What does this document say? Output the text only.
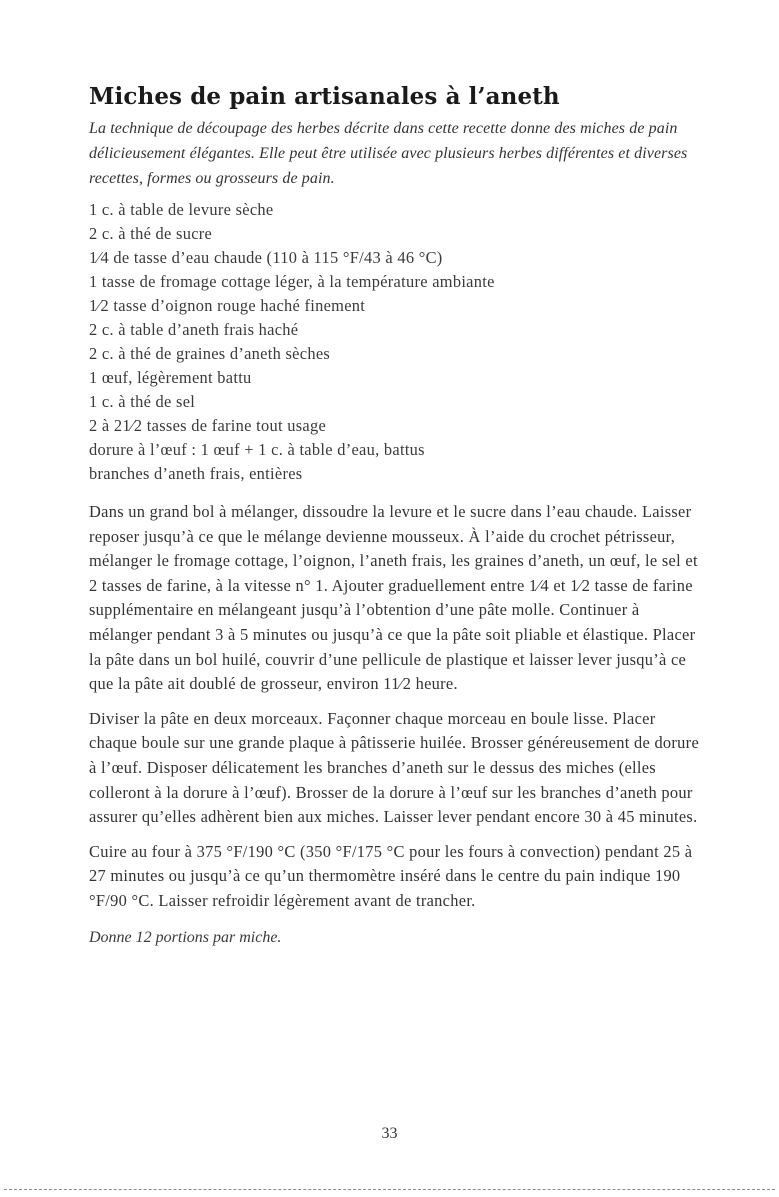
Miches de pain artisanales à l’aneth

La technique de découpage des herbes décrite dans cette recette donne des miches de pain délicieusement élégantes. Elle peut être utilisée avec plusieurs herbes différentes et diverses recettes, formes ou grosseurs de pain.

1 c. à table de levure sèche
2 c. à thé de sucre
1⁄4 de tasse d’eau chaude (110 à 115 °F/43 à 46 °C)
1 tasse de fromage cottage léger, à la température ambiante
1⁄2 tasse d’oignon rouge haché finement
2 c. à table d’aneth frais haché
2 c. à thé de graines d’aneth sèches
1 œuf, légèrement battu
1 c. à thé de sel
2 à 21⁄2 tasses de farine tout usage
dorure à l’œuf : 1 œuf + 1 c. à table d’eau, battus
branches d’aneth frais, entières

Dans un grand bol à mélanger, dissoudre la levure et le sucre dans l’eau chaude. Laisser reposer jusqu’à ce que le mélange devienne mousseux. À l’aide du crochet pétrisseur, mélanger le fromage cottage, l’oignon, l’aneth frais, les graines d’aneth, un œuf, le sel et 2 tasses de farine, à la vitesse n° 1. Ajouter graduellement entre 1⁄4 et 1⁄2 tasse de farine supplémentaire en mélangeant jusqu’à l’obtention d’une pâte molle. Continuer à mélanger pendant 3 à 5 minutes ou jusqu’à ce que la pâte soit pliable et élastique. Placer la pâte dans un bol huilé, couvrir d’une pellicule de plastique et laisser lever jusqu’à ce que la pâte ait doublé de grosseur, environ 11⁄2 heure.

Diviser la pâte en deux morceaux. Façonner chaque morceau en boule lisse. Placer chaque boule sur une grande plaque à pâtisserie huilée. Brosser généreusement de dorure à l’œuf. Disposer délicatement les branches d’aneth sur le dessus des miches (elles colleront à la dorure à l’œuf). Brosser de la dorure à l’œuf sur les branches d’aneth pour assurer qu’elles adhèrent bien aux miches. Laisser lever pendant encore 30 à 45 minutes.

Cuire au four à 375 °F/190 °C (350 °F/175 °C pour les fours à convection) pendant 25 à 27 minutes ou jusqu’à ce qu’un thermomètre inséré dans le centre du pain indique 190 °F/90 °C. Laisser refroidir légèrement avant de trancher.

Donne 12 portions par miche.

33
